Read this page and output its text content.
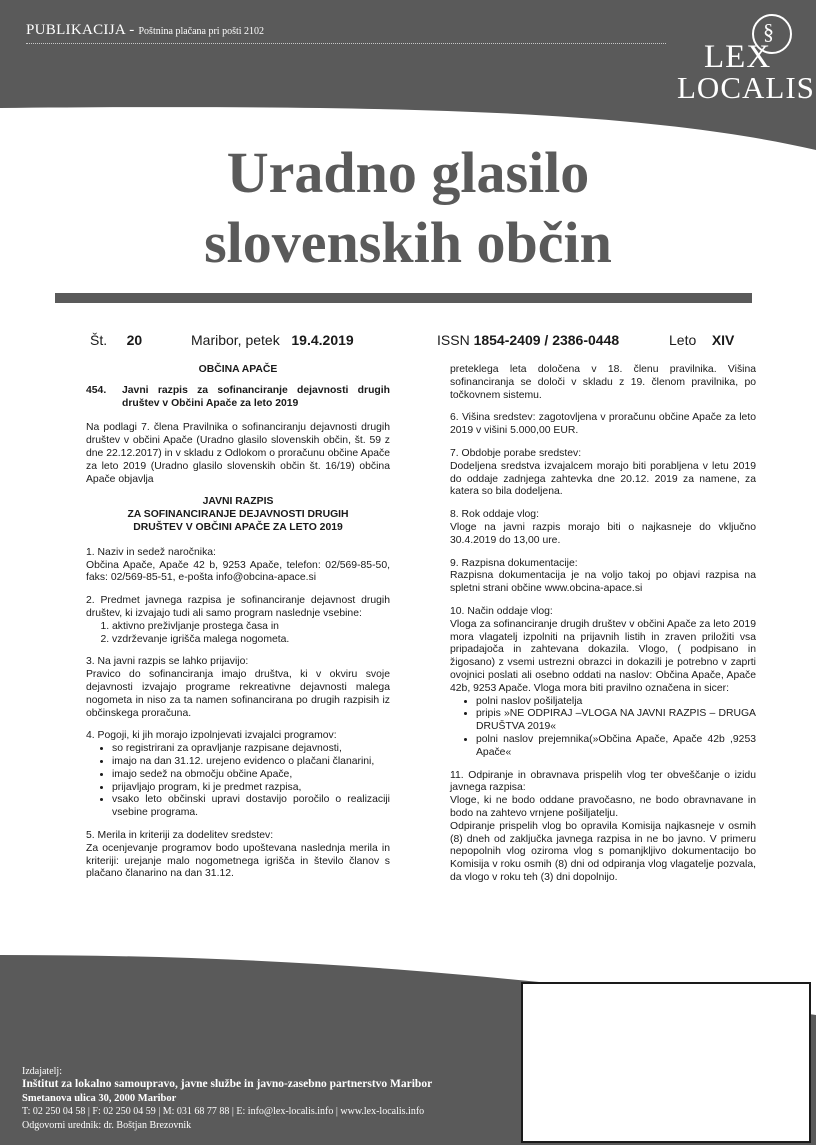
PUBLIKACIJA - Poštnina plačana pri pošti 2102	§
LEX
LOCALIS
Uradno glasilo
slovenskih občin
Št. 20	Maribor, petek 19.4.2019	ISSN 1854-2409 / 2386-0448	Leto XIV
OBČINA APAČE
454.	Javni razpis za sofinanciranje dejavnosti drugih društev v Občini Apače za leto 2019

Na podlagi 7. člena Pravilnika o sofinanciranju dejavnosti drugih društev v občini Apače (Uradno glasilo slovenskih občin, št. 59 z dne 22.12.2017) in v skladu z Odlokom o proračunu občine Apače za leto 2019 (Uradno glasilo slovenskih občin št. 16/19) občina Apače objavlja

JAVNI RAZPIS
ZA SOFINANCIRANJE DEJAVNOSTI DRUGIH
DRUŠTEV V OBČINI APAČE ZA LETO 2019

1. Naziv in sedež naročnika:
Občina Apače, Apače 42 b, 9253 Apače, telefon: 02/569-85-50, faks: 02/569-85-51, e-pošta info@obcina-apace.si

2. Predmet javnega razpisa je sofinanciranje dejavnost drugih društev, ki izvajajo tudi ali samo program naslednje vsebine:
1. aktivno preživljanje prostega časa in
2. vzdrževanje igrišča malega nogometa.

3. Na javni razpis se lahko prijavijo:
Pravico do sofinanciranja imajo društva, ki v okviru svoje dejavnosti izvajajo programe rekreativne dejavnosti malega nogometa in niso za ta namen sofinancirana po drugih razpisih iz občinskega proračuna.

4. Pogoji, ki jih morajo izpolnjevati izvajalci programov:
• so registrirani za opravljanje razpisane dejavnosti,
• imajo na dan 31.12. urejeno evidenco o plačani članarini,
• imajo sedež na območju občine Apače,
• prijavljajo program, ki je predmet razpisa,
• vsako leto občinski upravi dostavijo poročilo o realizaciji vsebine programa.

5. Merila in kriteriji za dodelitev sredstev:
Za ocenjevanje programov bodo upoštevana naslednja merila in kriteriji: urejanje malo nogometnega igrišča in število članov s plačano članarino na dan 31.12.

preteklega leta določena v 18. členu pravilnika. Višina sofinanciranja se določi v skladu z 19. členom pravilnika, po točkovnem sistemu.

6. Višina sredstev: zagotovljena v proračunu občine Apače za leto 2019 v višini 5.000,00 EUR.

7. Obdobje porabe sredstev:
Dodeljena sredstva izvajalcem morajo biti porabljena v letu 2019 do oddaje zadnjega zahtevka dne 20.12. 2019 za namene, za katera so bila dodeljena.

8. Rok oddaje vlog:
Vloge na javni razpis morajo biti o najkasneje do vključno 30.4.2019 do 13,00 ure.

9. Razpisna dokumentacije:
Razpisna dokumentacija je na voljo takoj po objavi razpisa na spletni strani občine www.obcina-apace.si

10. Način oddaje vlog:
Vloga za sofinanciranje drugih društev v občini Apače za leto 2019 mora vlagatelj izpolniti na prijavnih listih in zraven priložiti vsa pripadajoča in zahtevana dokazila. Vlogo, ( podpisano in žigosano) z vsemi ustrezni obrazci in dokazili je potrebno v zaprti ovojnici poslati ali osebno oddati na naslov: Občina Apače, Apače 42b, 9253 Apače. Vloga mora biti pravilno označena in sicer:
• polni naslov pošiljatelja
• pripis »NE ODPIRAJ –VLOGA NA JAVNI RAZPIS – DRUGA DRUŠTVA 2019«
• polni naslov prejemnika(»Občina Apače, Apače 42b ,9253 Apače«
11. Odpiranje in obravnava prispelih vlog ter obveščanje o izidu javnega razpisa:
Vloge, ki ne bodo oddane pravočasno, ne bodo obravnavane in bodo na zahtevo vrnjene pošiljatelju.
Odpiranje prispelih vlog bo opravila Komisija najkasneje v osmih (8) dneh od zaključka javnega razpisa in ne bo javno. V primeru nepopolnih vlog oziroma vlog s pomanjkljivo dokumentacijo bo Komisija v roku osmih (8) dni od odpiranja vlog vlagatelje pozvala, da vlogo v roku teh (3) dni dopolnijo.
Izdajatelj:
Inštitut za lokalno samoupravo, javne službe in javno-zasebno partnerstvo Maribor
Smetanova ulica 30, 2000 Maribor
T: 02 250 04 58 | F: 02 250 04 59 | M: 031 68 77 88 | E: info@lex-localis.info | www.lex-localis.info
Odgovorni urednik: dr. Boštjan Brezovnik
